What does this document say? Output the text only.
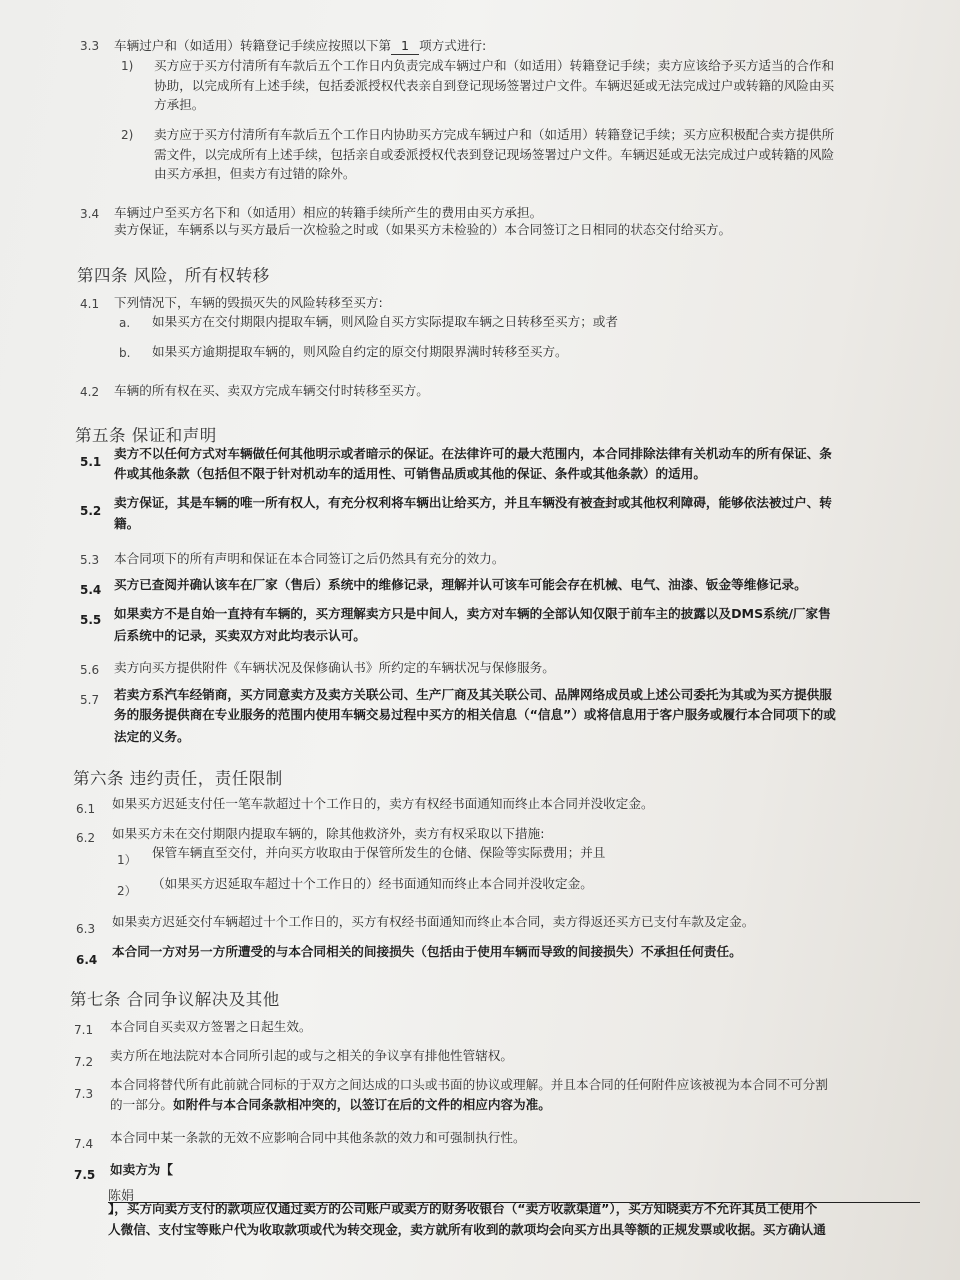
3.3 车辆过户和（如适用）转籍登记手续应按照以下第 1 项方式进行:
1) 买方应于买方付清所有车款后五个工作日内负责完成车辆过户和（如适用）转籍登记手续；卖方应该给予买方适当的合作和
协助，以完成所有上述手续，包括委派授权代表亲自到登记现场签署过户文件。车辆迟延或无法完成过户或转籍的风险由买
方承担。
2) 卖方应于买方付清所有车款后五个工作日内协助买方完成车辆过户和（如适用）转籍登记手续；买方应积极配合卖方提供所
需文件，以完成所有上述手续，包括亲自或委派授权代表到登记现场签署过户文件。车辆迟延或无法完成过户或转籍的风险
由买方承担，但卖方有过错的除外。
3.4 车辆过户至买方名下和（如适用）相应的转籍手续所产生的费用由买方承担。
卖方保证，车辆系以与买方最后一次检验之时或（如果买方未检验的）本合同签订之日相同的状态交付给买方。
第四条 风险，所有权转移
4.1 下列情况下，车辆的毁损灭失的风险转移至买方:
a. 如果买方在交付期限内提取车辆，则风险自买方实际提取车辆之日转移至买方；或者
b. 如果买方逾期提取车辆的，则风险自约定的原交付期限界满时转移至买方。
4.2 车辆的所有权在买、卖双方完成车辆交付时转移至买方。
第五条 保证和声明
5.1
卖方不以任何方式对车辆做任何其他明示或者暗示的保证。在法律许可的最大范围内，本合同排除法律有关机动车的所有保证、条
件或其他条款（包括但不限于针对机动车的适用性、可销售品质或其他的保证、条件或其他条款）的适用。
5.2
卖方保证，其是车辆的唯一所有权人，有充分权利将车辆出让给买方，并且车辆没有被查封或其他权利障碍，能够依法被过户、转
籍。
5.3 本合同项下的所有声明和保证在本合同签订之后仍然具有充分的效力。
5.4 买方已查阅并确认该车在厂家（售后）系统中的维修记录，理解并认可该车可能会存在机械、电气、油漆、钣金等维修记录。
5.5 如果卖方不是自始一直持有车辆的，买方理解卖方只是中间人，卖方对车辆的全部认知仅限于前车主的披露以及DMS系统/厂家售
后系统中的记录，买卖双方对此均表示认可。
5.6 卖方向买方提供附件《车辆状况及保修确认书》所约定的车辆状况与保修服务。
5.7 若卖方系汽车经销商，买方同意卖方及卖方关联公司、生产厂商及其关联公司、品牌网络成员或上述公司委托为其或为买方提供服
务的服务提供商在专业服务的范围内使用车辆交易过程中买方的相关信息（“信息”）或将信息用于客户服务或履行本合同项下的或
法定的义务。
第六条 违约责任，责任限制
6.1 如果买方迟延支付任一笔车款超过十个工作日的，卖方有权经书面通知而终止本合同并没收定金。
6.2 如果买方未在交付期限内提取车辆的，除其他救济外，卖方有权采取以下措施:
1） 保管车辆直至交付，并向买方收取由于保管所发生的仓储、保险等实际费用；并且
2） （如果买方迟延取车超过十个工作日的）经书面通知而终止本合同并没收定金。
6.3 如果卖方迟延交付车辆超过十个工作日的，买方有权经书面通知而终止本合同，卖方得返还买方已支付车款及定金。
6.4
本合同一方对另一方所遭受的与本合同相关的间接损失（包括由于使用车辆而导致的间接损失）不承担任何责任。
第七条 合同争议解决及其他
7.1 本合同自买卖双方签署之日起生效。
7.2 卖方所在地法院对本合同所引起的或与之相关的争议享有排他性管辖权。
7.3
本合同将替代所有此前就合同标的于双方之间达成的口头或书面的协议或理解。并且本合同的任何附件应该被视为本合同不可分割
的一部分。如附件与本合同条款相冲突的，以签订在后的文件的相应内容为准。
7.4 本合同中某一条款的无效不应影响合同中其他条款的效力和可强制执行性。
7.5 如卖方为【
陈娟
】，买方向卖方支付的款项应仅通过卖方的公司账户或卖方的财务收银台（“卖方收款渠道”），买方知晓卖方不允许其员工使用个
人微信、支付宝等账户代为收取款项或代为转交现金，卖方就所有收到的款项均会向买方出具等额的正规发票或收据。买方确认通
